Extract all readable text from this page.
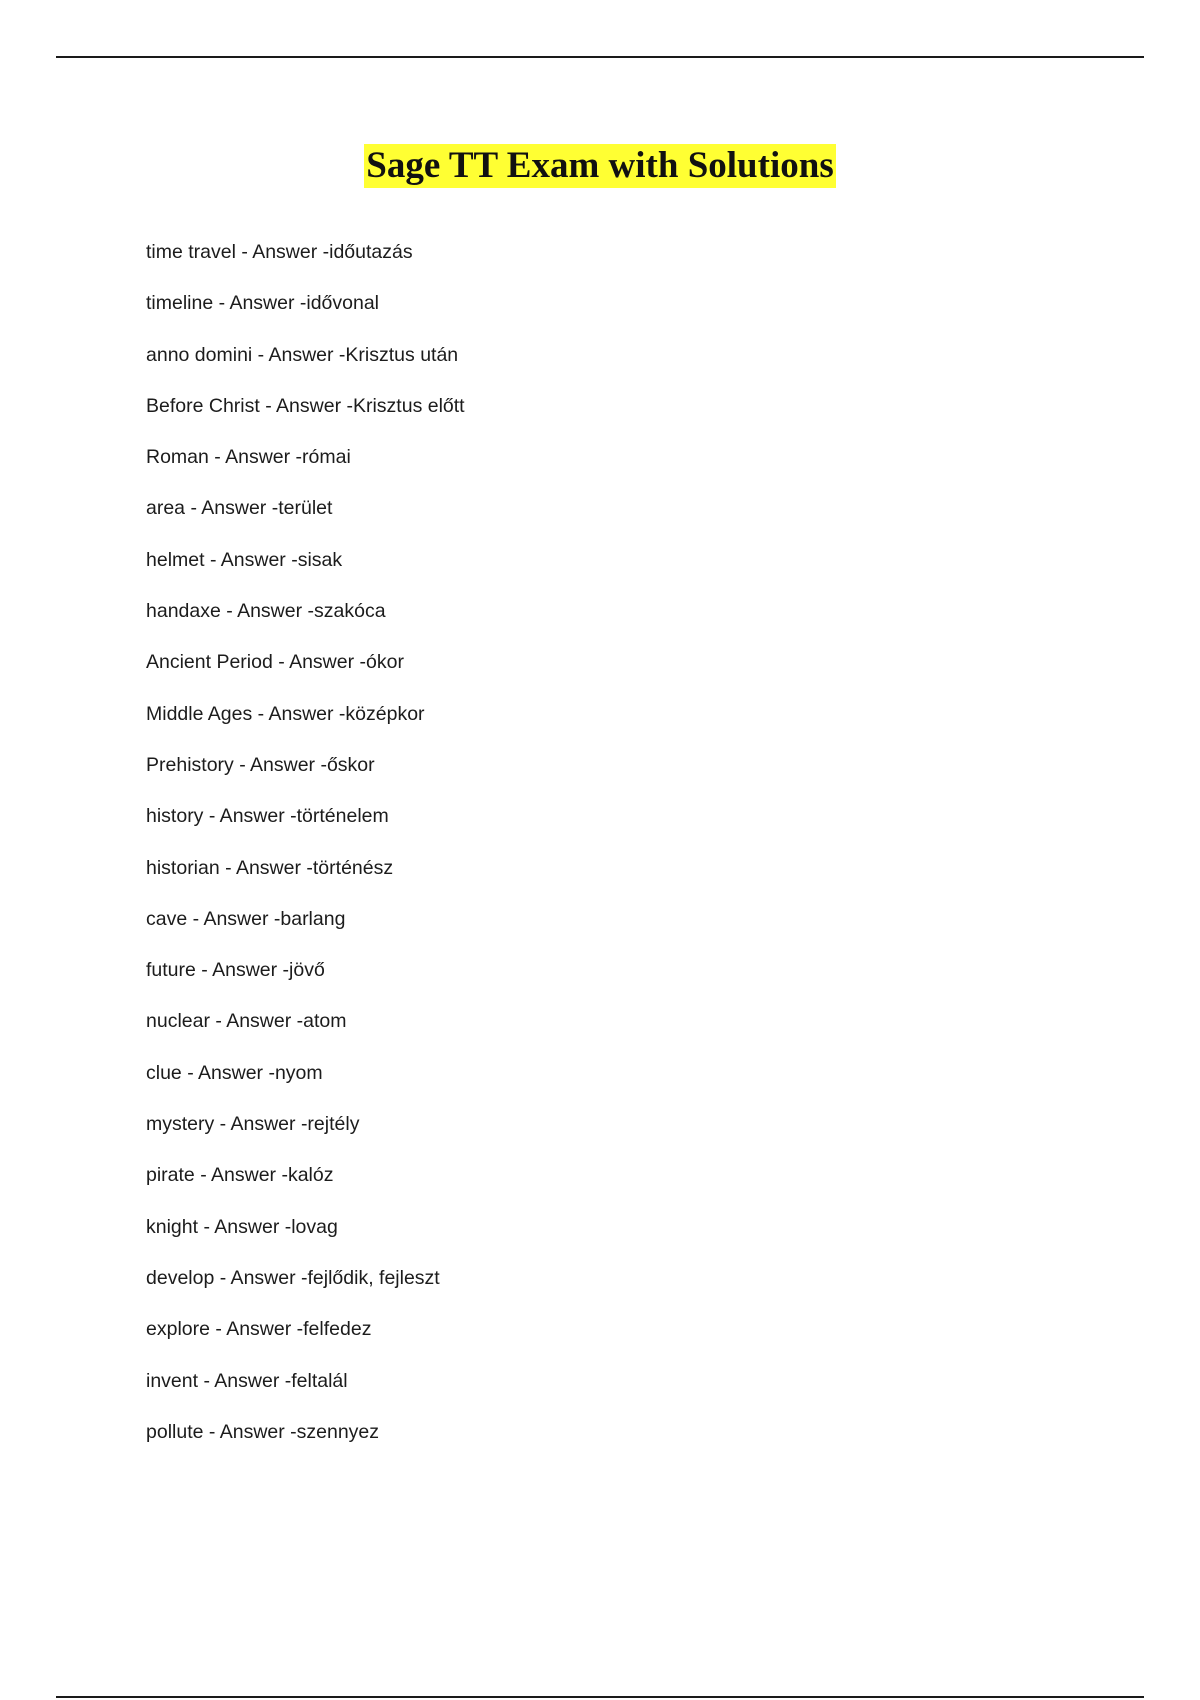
Sage TT Exam with Solutions
time travel - Answer -időutazás
timeline - Answer -idővonal
anno domini - Answer -Krisztus után
Before Christ - Answer -Krisztus előtt
Roman - Answer -római
area - Answer -terület
helmet - Answer -sisak
handaxe - Answer -szakóca
Ancient Period - Answer -ókor
Middle Ages - Answer -középkor
Prehistory - Answer -őskor
history - Answer -történelem
historian - Answer -történész
cave - Answer -barlang
future - Answer -jövő
nuclear - Answer -atom
clue - Answer -nyom
mystery - Answer -rejtély
pirate - Answer -kalóz
knight - Answer -lovag
develop - Answer -fejlődik, fejleszt
explore - Answer -felfedez
invent - Answer -feltalál
pollute - Answer -szennyez
